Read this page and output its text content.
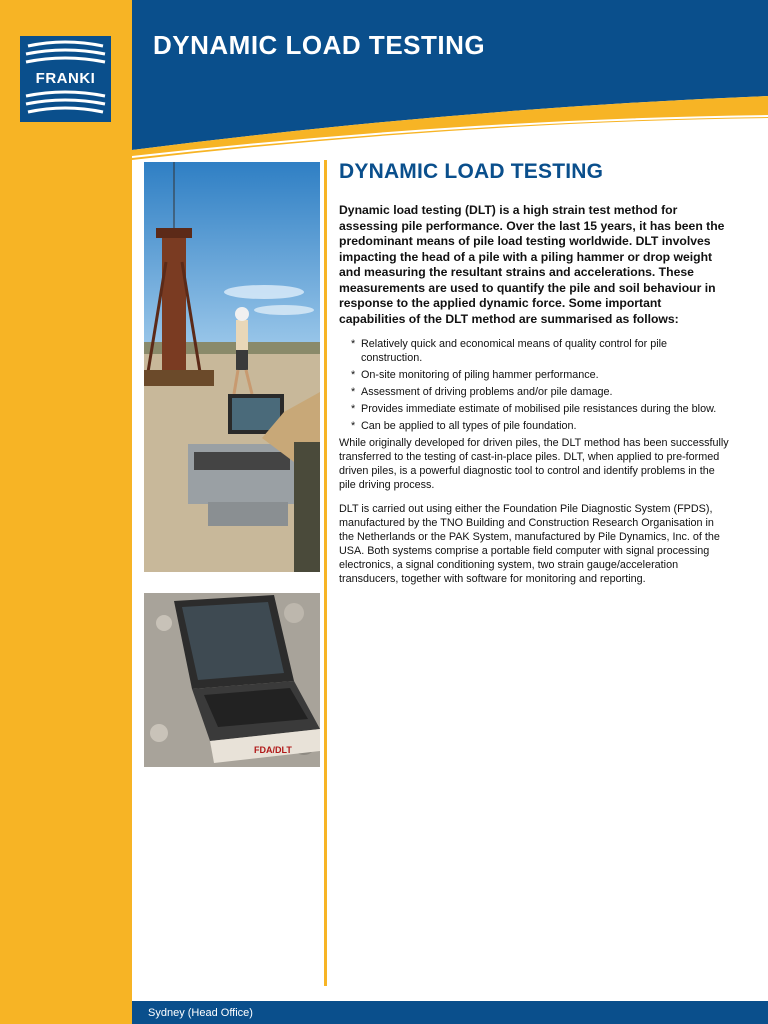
FRANKI
DYNAMIC LOAD TESTING
FDA/DLT
DYNAMIC LOAD TESTING

Dynamic load testing (DLT) is a high strain test method for assessing pile performance. Over the last 15 years, it has been the predominant means of pile load testing worldwide. DLT involves impacting the head of a pile with a piling hammer or drop weight and measuring the resultant strains and accelerations. These measurements are used to quantify the pile and soil behaviour in response to the applied dynamic force. Some important capabilities of the DLT method are summarised as follows:

* Relatively quick and economical means of quality control for pile construction.
* On-site monitoring of piling hammer performance.
* Assessment of driving problems and/or pile damage.
* Provides immediate estimate of mobilised pile resistances during the blow.
* Can be applied to all types of pile foundation.

While originally developed for driven piles, the DLT method has been successfully transferred to the testing of cast-in-place piles. DLT, when applied to pre-formed driven piles, is a powerful diagnostic tool to control and identify problems in the pile driving process.

DLT is carried out using either the Foundation Pile Diagnostic System (FPDS), manufactured by the TNO Building and Construction Research Organisation in the Netherlands or the PAK System, manufactured by Pile Dynamics, Inc. of the USA. Both systems comprise a portable field computer with signal processing electronics, a signal conditioning system, two strain gauge/acceleration transducers, together with software for monitoring and reporting.

Sydney (Head Office)
